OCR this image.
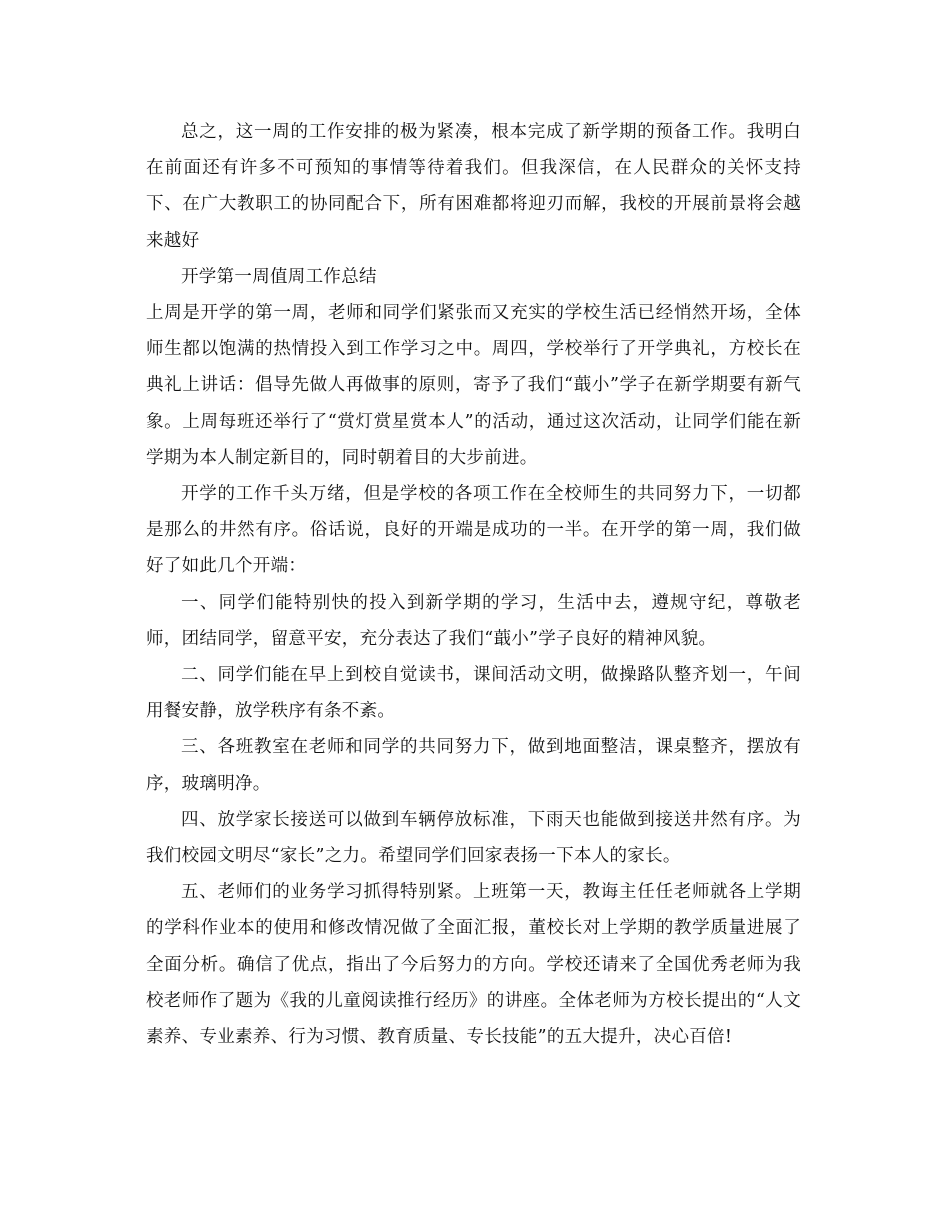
总之，这一周的工作安排的极为紧凑，根本完成了新学期的预备工作。我明白在前面还有许多不可预知的事情等待着我们。但我深信，在人民群众的关怀支持下、在广大教职工的协同配合下，所有困难都将迎刃而解，我校的开展前景将会越来越好

开学第一周值周工作总结

上周是开学的第一周，老师和同学们紧张而又充实的学校生活已经悄然开场，全体师生都以饱满的热情投入到工作学习之中。周四，学校举行了开学典礼，方校长在典礼上讲话：倡导先做人再做事的原则，寄予了我们“蕺小”学子在新学期要有新气象。上周每班还举行了“赏灯赏星赏本人”的活动，通过这次活动，让同学们能在新学期为本人制定新目的，同时朝着目的大步前进。

开学的工作千头万绪，但是学校的各项工作在全校师生的共同努力下，一切都是那么的井然有序。俗话说，良好的开端是成功的一半。在开学的第一周，我们做好了如此几个开端：

一、同学们能特别快的投入到新学期的学习，生活中去，遵规守纪，尊敬老师，团结同学，留意平安，充分表达了我们“蕺小”学子良好的精神风貌。

二、同学们能在早上到校自觉读书，课间活动文明，做操路队整齐划一，午间用餐安静，放学秩序有条不紊。

三、各班教室在老师和同学的共同努力下，做到地面整洁，课桌整齐，摆放有序，玻璃明净。

四、放学家长接送可以做到车辆停放标准，下雨天也能做到接送井然有序。为我们校园文明尽“家长”之力。希望同学们回家表扬一下本人的家长。

五、老师们的业务学习抓得特别紧。上班第一天，教诲主任任老师就各上学期的学科作业本的使用和修改情况做了全面汇报，董校长对上学期的教学质量进展了全面分析。确信了优点，指出了今后努力的方向。学校还请来了全国优秀老师为我校老师作了题为《我的儿童阅读推行经历》的讲座。全体老师为方校长提出的“人文素养、专业素养、行为习惯、教育质量、专长技能”的五大提升，决心百倍!
